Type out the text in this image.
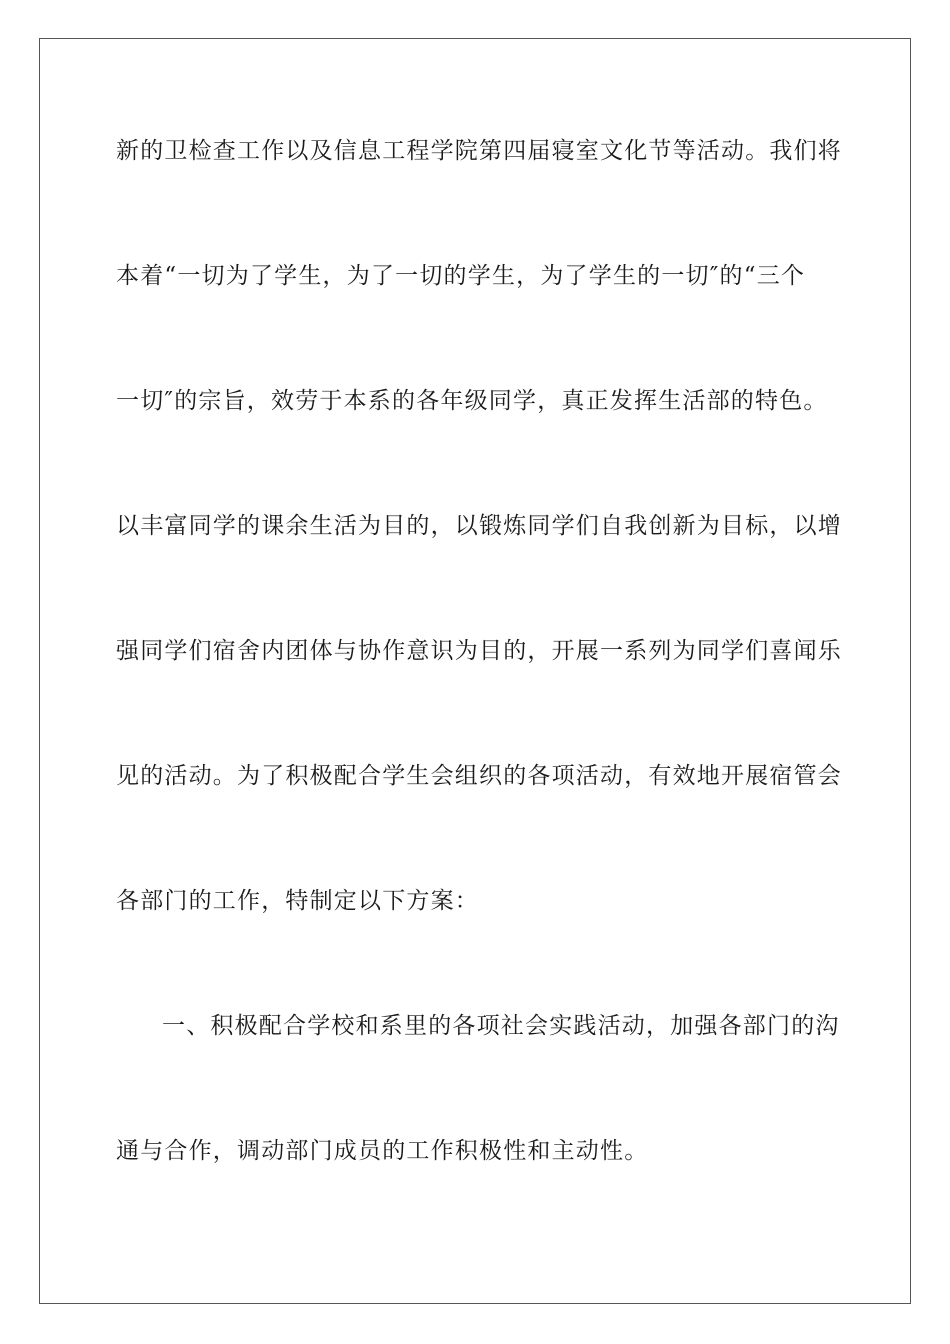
新的卫检查工作以及信息工程学院第四届寝室文化节等活动。我们将
本着“一切为了学生，为了一切的学生，为了学生的一切″的“三个
一切″的宗旨，效劳于本系的各年级同学，真正发挥生活部的特色。
以丰富同学的课余生活为目的，以锻炼同学们自我创新为目标，以增
强同学们宿舍内团体与协作意识为目的，开展一系列为同学们喜闻乐
见的活动。为了积极配合学生会组织的各项活动，有效地开展宿管会
各部门的工作，特制定以下方案：
一、积极配合学校和系里的各项社会实践活动，加强各部门的沟
通与合作，调动部门成员的工作积极性和主动性。
